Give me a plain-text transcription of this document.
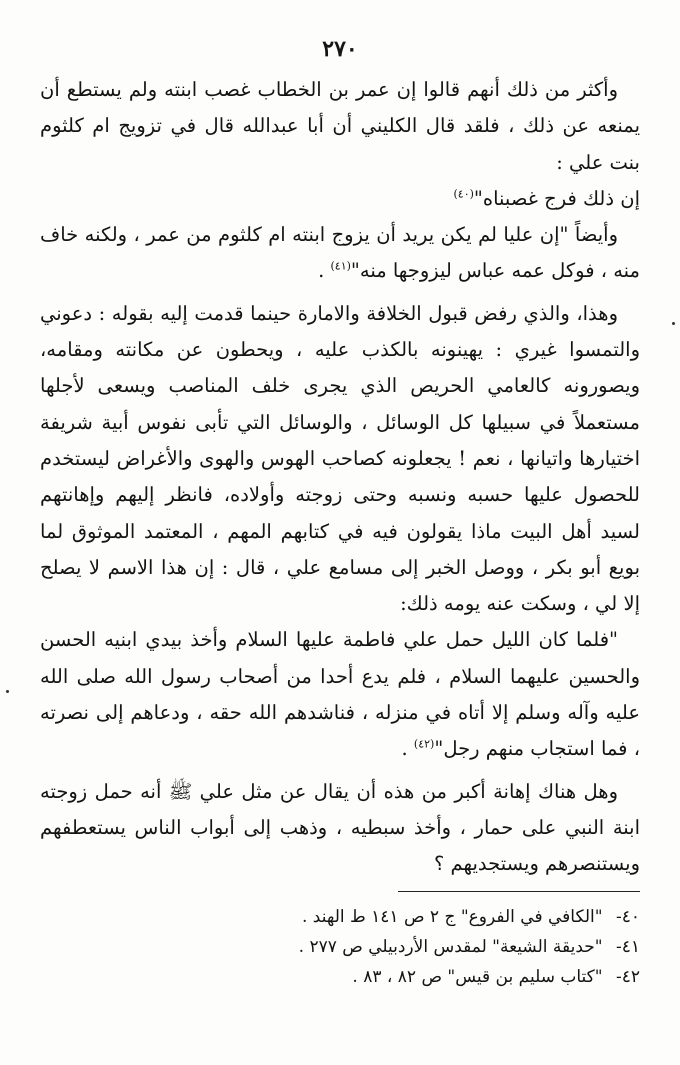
٢٧٠

وأكثر من ذلك أنهم قالوا إن عمر بن الخطاب غصب ابنته ولم يستطع أن يمنعه عن ذلك ، فلقد قال الكليني أن أبا عبدالله قال في تزويج ام كلثوم بنت علي :

إن ذلك فرج غصبناه"$^{(٤٠)}$

وأيضاً "إن عليا لم يكن يريد أن يزوج ابنته ام كلثوم من عمر ، ولكنه خاف منه ، فوكل عمه عباس ليزوجها منه"$^{(٤١)}$ .

وهذا، والذي رفض قبول الخلافة والامارة حينما قدمت إليه بقوله : دعوني والتمسوا غيري : يهينونه بالكذب عليه ، ويحطون عن مكانته ومقامه، ويصورونه كالعامي الحريص الذي يجرى خلف المناصب ويسعى لأجلها مستعملاً في سبيلها كل الوسائل ، والوسائل التي تأبى نفوس أبية شريفة اختيارها واتيانها ، نعم ! يجعلونه كصاحب الهوس والهوى والأغراض ليستخدم للحصول عليها حسبه ونسبه وحتى زوجته وأولاده، فانظر إليهم وإهانتهم لسيد أهل البيت ماذا يقولون فيه في كتابهم المهم ، المعتمد الموثوق لما بويع أبو بكر ، ووصل الخبر إلى مسامع علي ، قال : إن هذا الاسم لا يصلح إلا لي ، وسكت عنه يومه ذلك:

"فلما كان الليل حمل علي فاطمة عليها السلام وأخذ بيدي ابنيه الحسن والحسين عليهما السلام ، فلم يدع أحدا من أصحاب رسول الله صلى الله عليه وآله وسلم إلا أتاه في منزله ، فناشدهم الله حقه ، ودعاهم إلى نصرته ، فما استجاب منهم رجل"$^{(٤٢)}$ .

وهل هناك إهانة أكبر من هذه أن يقال عن مثل علي ﷺ أنه حمل زوجته ابنة النبي على حمار ، وأخذ سبطيه ، وذهب إلى أبواب الناس يستعطفهم ويستنصرهم ويستجديهم ؟

٤٠- "الكافي في الفروع" ج ٢ ص ١٤١ ط الهند .

٤١- "حديقة الشيعة" لمقدس الأردبيلي ص ٢٧٧ .

٤٢- "كتاب سليم بن قيس" ص ٨٢ ، ٨٣ .
